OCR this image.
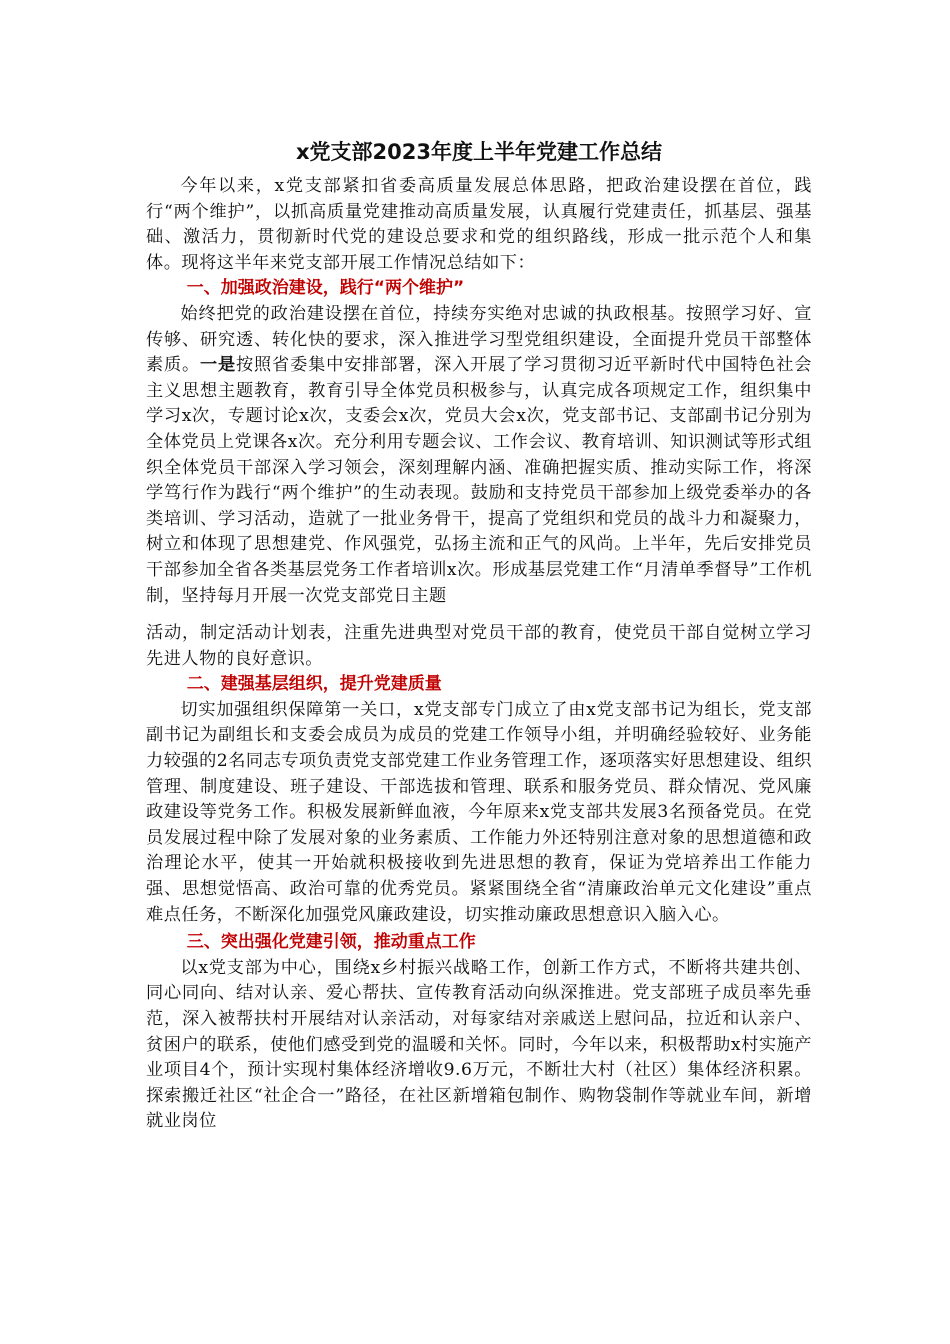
x党支部2023年度上半年党建工作总结

今年以来，x党支部紧扣省委高质量发展总体思路，把政治建设摆在首位，践行“两个维护”，以抓高质量党建推动高质量发展，认真履行党建责任，抓基层、强基础、激活力，贯彻新时代党的建设总要求和党的组织路线，形成一批示范个人和集体。现将这半年来党支部开展工作情况总结如下：

一、加强政治建设，践行“两个维护”

始终把党的政治建设摆在首位，持续夯实绝对忠诚的执政根基。按照学习好、宣传够、研究透、转化快的要求，深入推进学习型党组织建设，全面提升党员干部整体素质。一是按照省委集中安排部署，深入开展了学习贯彻习近平新时代中国特色社会主义思想主题教育，教育引导全体党员积极参与，认真完成各项规定工作，组织集中学习x次，专题讨论x次，支委会x次，党员大会x次，党支部书记、支部副书记分别为全体党员上党课各x次。充分利用专题会议、工作会议、教育培训、知识测试等形式组织全体党员干部深入学习领会，深刻理解内涵、准确把握实质、推动实际工作，将深学笃行作为践行“两个维护”的生动表现。鼓励和支持党员干部参加上级党委举办的各类培训、学习活动，造就了一批业务骨干，提高了党组织和党员的战斗力和凝聚力，树立和体现了思想建党、作风强党，弘扬主流和正气的风尚。上半年，先后安排党员干部参加全省各类基层党务工作者培训x次。形成基层党建工作“月清单季督导”工作机制，坚持每月开展一次党支部党日主题

活动，制定活动计划表，注重先进典型对党员干部的教育，使党员干部自觉树立学习先进人物的良好意识。

二、建强基层组织，提升党建质量

切实加强组织保障第一关口，x党支部专门成立了由x党支部书记为组长，党支部副书记为副组长和支委会成员为成员的党建工作领导小组，并明确经验较好、业务能力较强的2名同志专项负责党支部党建工作业务管理工作，逐项落实好思想建设、组织管理、制度建设、班子建设、干部选拔和管理、联系和服务党员、群众情况、党风廉政建设等党务工作。积极发展新鲜血液，今年原来x党支部共发展3名预备党员。在党员发展过程中除了发展对象的业务素质、工作能力外还特别注意对象的思想道德和政治理论水平，使其一开始就积极接收到先进思想的教育，保证为党培养出工作能力强、思想觉悟高、政治可靠的优秀党员。紧紧围绕全省“清廉政治单元文化建设”重点难点任务，不断深化加强党风廉政建设，切实推动廉政思想意识入脑入心。

三、突出强化党建引领，推动重点工作

以x党支部为中心，围绕x乡村振兴战略工作，创新工作方式，不断将共建共创、同心同向、结对认亲、爱心帮扶、宣传教育活动向纵深推进。党支部班子成员率先垂范，深入被帮扶村开展结对认亲活动，对每家结对亲戚送上慰问品，拉近和认亲户、贫困户的联系，使他们感受到党的温暖和关怀。同时，今年以来，积极帮助x村实施产业项目4个，预计实现村集体经济增收9.6万元，不断壮大村（社区）集体经济积累。探索搬迁社区“社企合一”路径，在社区新增箱包制作、购物袋制作等就业车间，新增就业岗位
